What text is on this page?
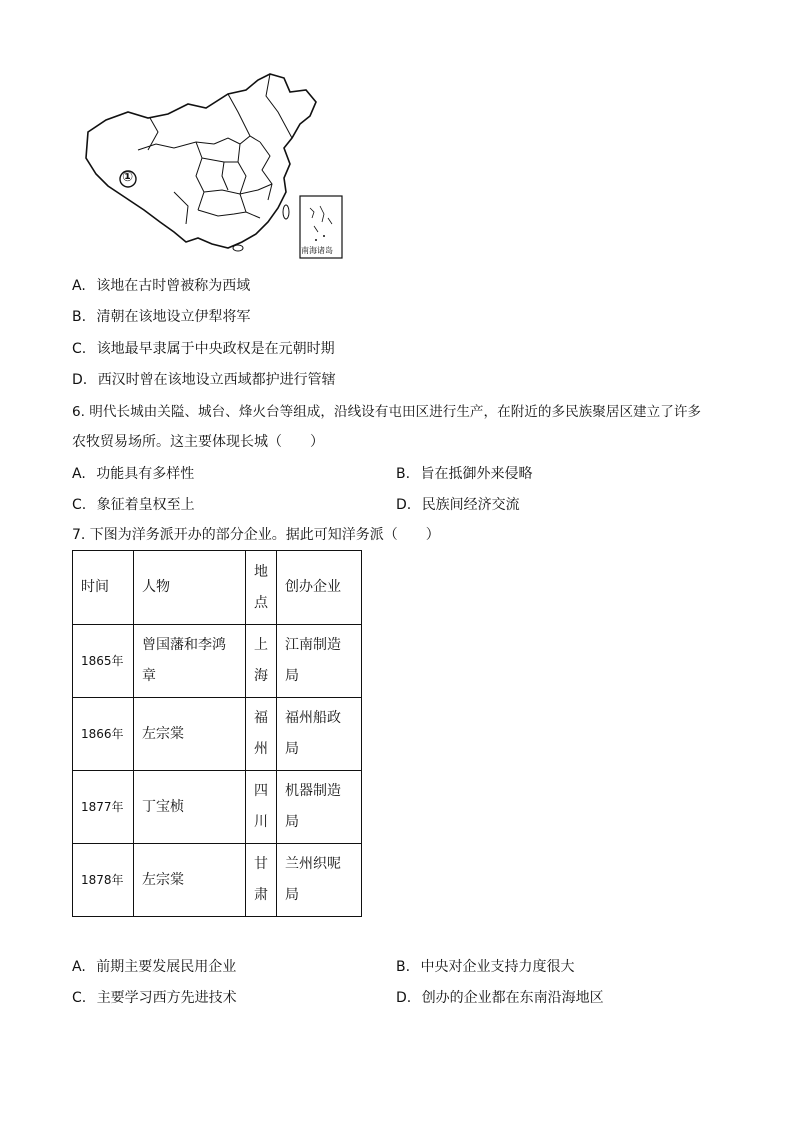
①
南海诸岛
A. 该地在古时曾被称为西域
B. 清朝在该地设立伊犁将军
C. 该地最早隶属于中央政权是在元朝时期
D. 西汉时曾在该地设立西域都护进行管辖
6. 明代长城由关隘、城台、烽火台等组成，沿线设有屯田区进行生产，在附近的多民族聚居区建立了许多
农牧贸易场所。这主要体现长城（　　）
A. 功能具有多样性	B. 旨在抵御外来侵略
C. 象征着皇权至上	D. 民族间经济交流
7. 下图为洋务派开办的部分企业。据此可知洋务派（　　）
时间	人物	地点	创办企业
1865年	曾国藩和李鸿章	上海	江南制造局
1866年	左宗棠	福州	福州船政局
1877年	丁宝桢	四川	机器制造局
1878年	左宗棠	甘肃	兰州织呢局
A. 前期主要发展民用企业	B. 中央对企业支持力度很大
C. 主要学习西方先进技术	D. 创办的企业都在东南沿海地区
